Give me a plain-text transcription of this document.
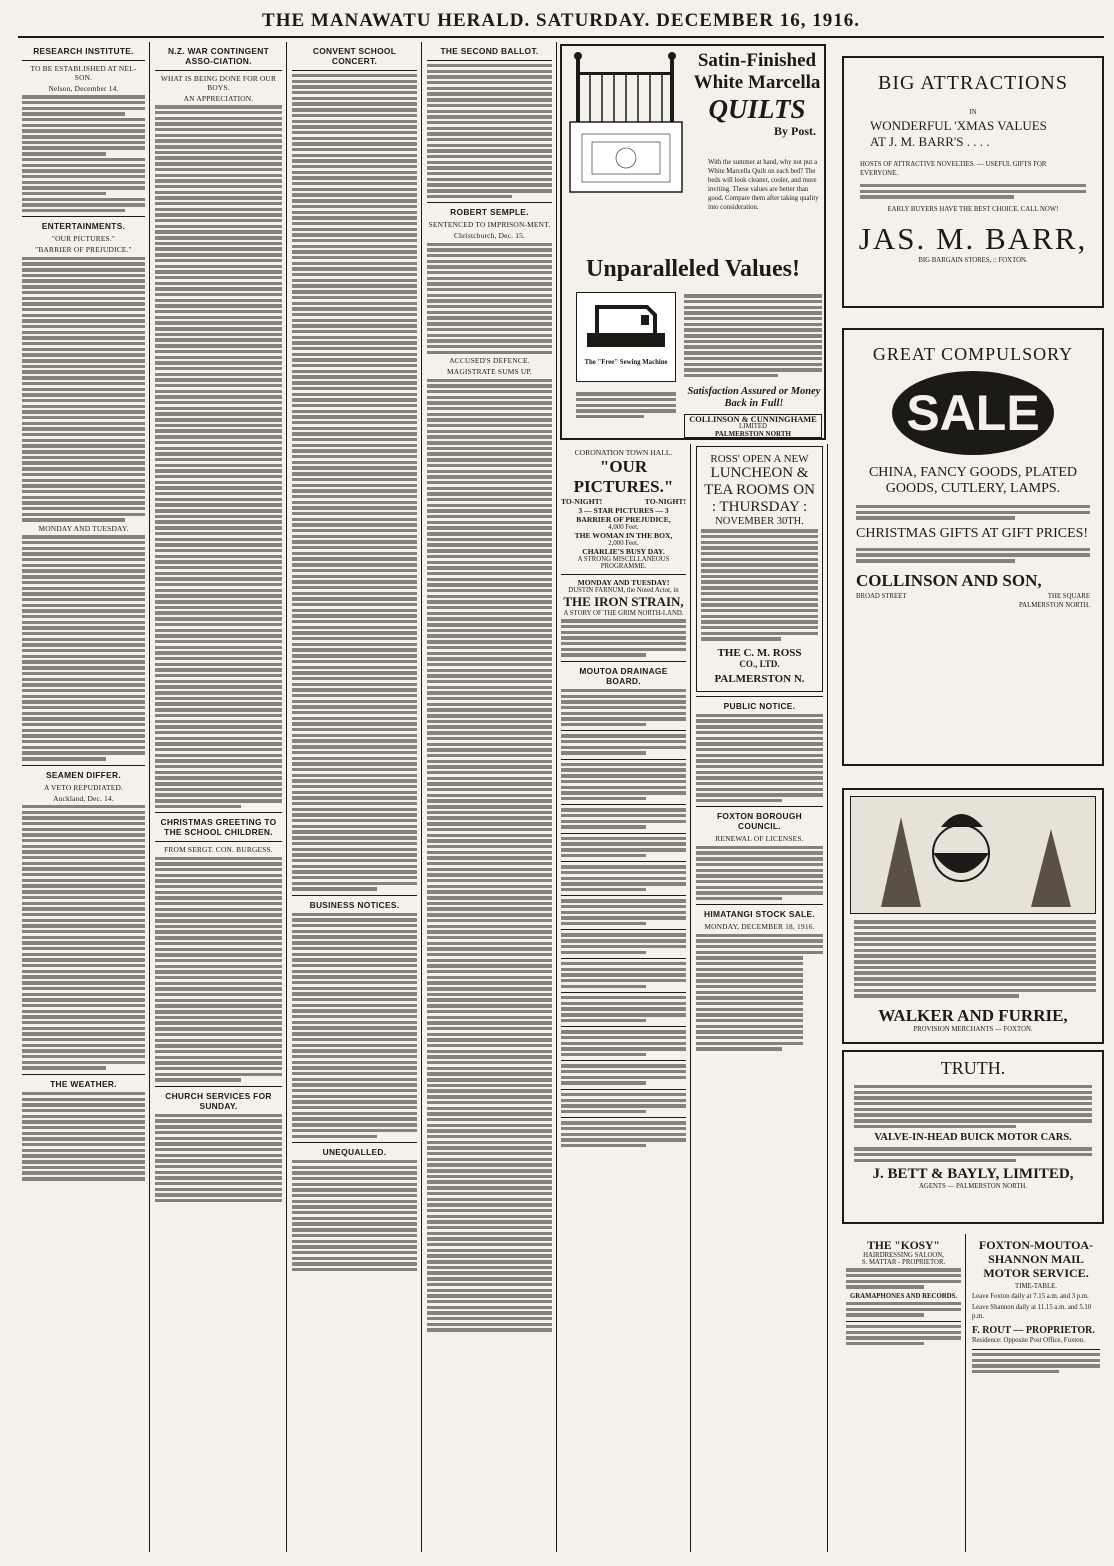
THE MANAWATU HERALD. SATURDAY. DECEMBER 16, 1916.
RESEARCH INSTITUTE.
TO BE ESTABLISHED AT NEL-SON.
Nelson, December 14.
ENTERTAINMENTS.
"OUR PICTURES."
"BARRIER OF PREJUDICE."
MONDAY AND TUESDAY.
SEAMEN DIFFER.
A VETO REPUDIATED.
Auckland, Dec. 14.
THE WEATHER.
N.Z. WAR CONTINGENT ASSO-CIATION.
WHAT IS BEING DONE FOR OUR BOYS.
AN APPRECIATION.
CHRISTMAS GREETING TO THE SCHOOL CHILDREN.
FROM SERGT. CON. BURGESS.
CHURCH SERVICES FOR SUNDAY.
CONVENT SCHOOL CONCERT.
BUSINESS NOTICES.
UNEQUALLED.
THE SECOND BALLOT.
ROBERT SEMPLE.
SENTENCED TO IMPRISON-MENT.
Christchurch, Dec. 15.
ACCUSED'S DEFENCE.
MAGISTRATE SUMS UP.
Satin-Finished
White Marcella
QUILTS
By Post.
With the summer at hand, why not put a White Marcella Quilt on each bed? The beds will look cleaner, cooler, and more inviting. These values are better than good. Compare them after taking quality into consideration.
Unparalleled Values!
The "Free" Sewing Machine
Satisfaction Assured or Money Back in Full!
COLLINSON & CUNNINGHAME
LIMITED
PALMERSTON NORTH
CORONATION TOWN HALL.
"OUR PICTURES."
TO-NIGHT!	TO-NIGHT!
3 — STAR PICTURES — 3
BARRIER OF PREJUDICE,
4,000 Feet.
THE WOMAN IN THE BOX,
2,000 Feet.
CHARLIE'S BUSY DAY.
A STRONG MISCELLANEOUS PROGRAMME.
MONDAY AND TUESDAY!
DUSTIN FARNUM, the Noted Actor, in
THE IRON STRAIN,
A STORY OF THE GRIM NORTH-LAND.
MOUTOA DRAINAGE BOARD.
ROSS' OPEN A NEW
LUNCHEON &
TEA ROOMS ON
: THURSDAY :
NOVEMBER 30TH.
THE C. M. ROSS
CO., LTD.
PALMERSTON N.
PUBLIC NOTICE.
FOXTON BOROUGH COUNCIL.
RENEWAL OF LICENSES.
HIMATANGI STOCK SALE.
MONDAY, DECEMBER 18, 1916.
BIG ATTRACTIONS
IN
WONDERFUL 'XMAS VALUES
AT J. M. BARR'S . . . .
HOSTS OF ATTRACTIVE NOVELTIES. — USEFUL GIFTS FOR EVERYONE.
EARLY BUYERS HAVE THE BEST CHOICE. CALL NOW!
JAS. M. BARR,
BIG BARGAIN STORES, :: FOXTON.
GREAT COMPULSORY
SALE
CHINA, FANCY GOODS, PLATED GOODS, CUTLERY, LAMPS.
CHRISTMAS GIFTS AT GIFT PRICES!
COLLINSON AND SON,
BROAD STREET	THE SQUARE
PALMERSTON NORTH.
WALKER AND FURRIE,
PROVISION MERCHANTS — FOXTON.
TRUTH.
VALVE-IN-HEAD BUICK MOTOR CARS.
J. BETT & BAYLY, LIMITED,
AGENTS — PALMERSTON NORTH.
THE "KOSY"
HAIRDRESSING SALOON,
S. MATTAR - PROPRIETOR.
GRAMAPHONES AND RECORDS.
FOXTON-MOUTOA-SHANNON MAIL MOTOR SERVICE.
TIME-TABLE.
Leave Foxton daily at 7.15 a.m. and 3 p.m.
Leave Shannon daily at 11.15 a.m. and 5.10 p.m.
F. ROUT — PROPRIETOR.
Residence: Opposite Post Office, Foxton.
